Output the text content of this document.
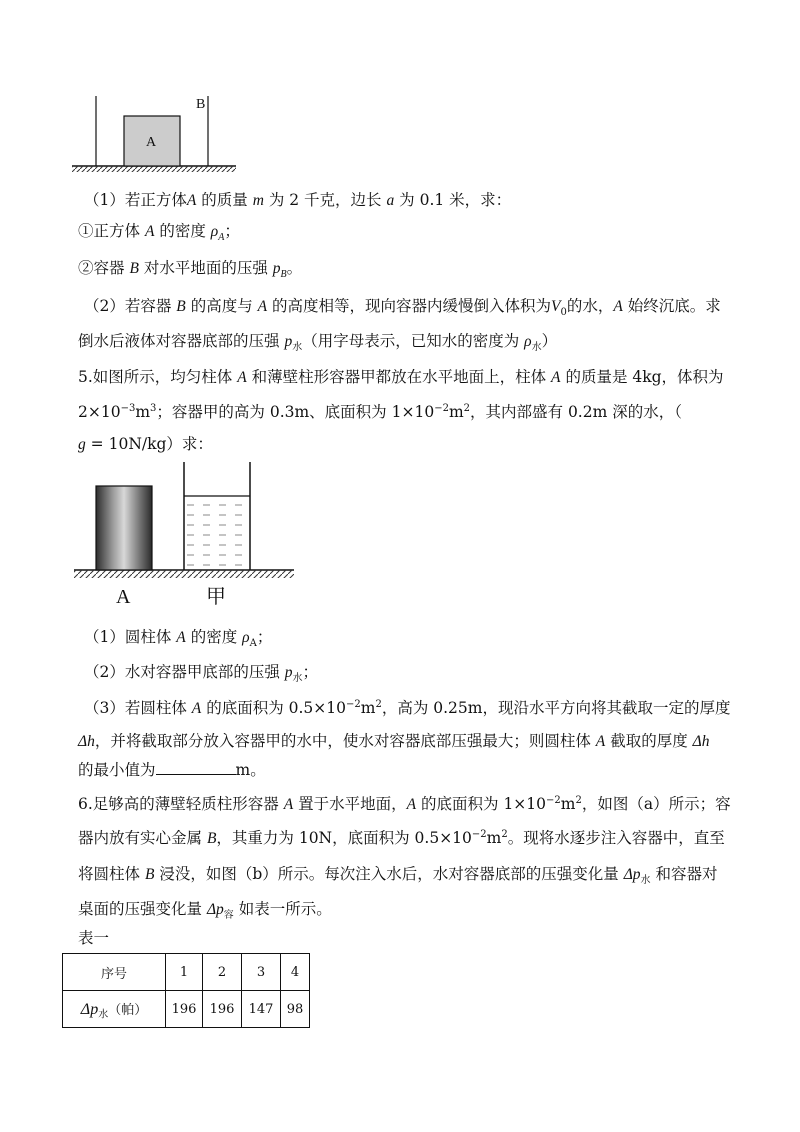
A
B
（1）若正方体A 的质量 m 为 2 千克，边长 a 为 0.1 米，求：
①正方体 A 的密度 $\rho_A$；
②容器 B 对水平地面的压强 $p_B$。
（2）若容器 B 的高度与 A 的高度相等，现向容器内缓慢倒入体积为$V_0$的水，A 始终沉底。求
倒水后液体对容器底部的压强 $p_水$（用字母表示，已知水的密度为 $\rho_水$）
5.如图所示，均匀柱体 A 和薄壁柱形容器甲都放在水平地面上，柱体 A 的质量是 4kg，体积为
$2\times 10^{-3}m^3$；容器甲的高为 0.3m、底面积为 $1\times 10^{-2}m^2$，其内部盛有 0.2m 深的水，（
g = 10N/kg）求：
A	甲
（1）圆柱体 A 的密度 $\rho_A$；
（2）水对容器甲底部的压强 $p_水$；
（3）若圆柱体 A 的底面积为 $0.5\times 10^{-2}m^2$，高为 0.25m，现沿水平方向将其截取一定的厚度
Δh，并将截取部分放入容器甲的水中，使水对容器底部压强最大；则圆柱体 A 截取的厚度 Δh
的最小值为	m。
6.足够高的薄壁轻质柱形容器 A 置于水平地面，A 的底面积为 $1\times 10^{-2}m^2$，如图（a）所示；容
器内放有实心金属 B，其重力为 10N，底面积为 $0.5\times 10^{-2}m^2$。现将水逐步注入容器中，直至
将圆柱体 B 浸没，如图（b）所示。每次注入水后，水对容器底部的压强变化量 $\Delta p_水$ 和容器对
桌面的压强变化量 $\Delta p_容$ 如表一所示。
表一
序号	1	2	3	4
$\Delta p_水$（帕）	196	196	147	98
